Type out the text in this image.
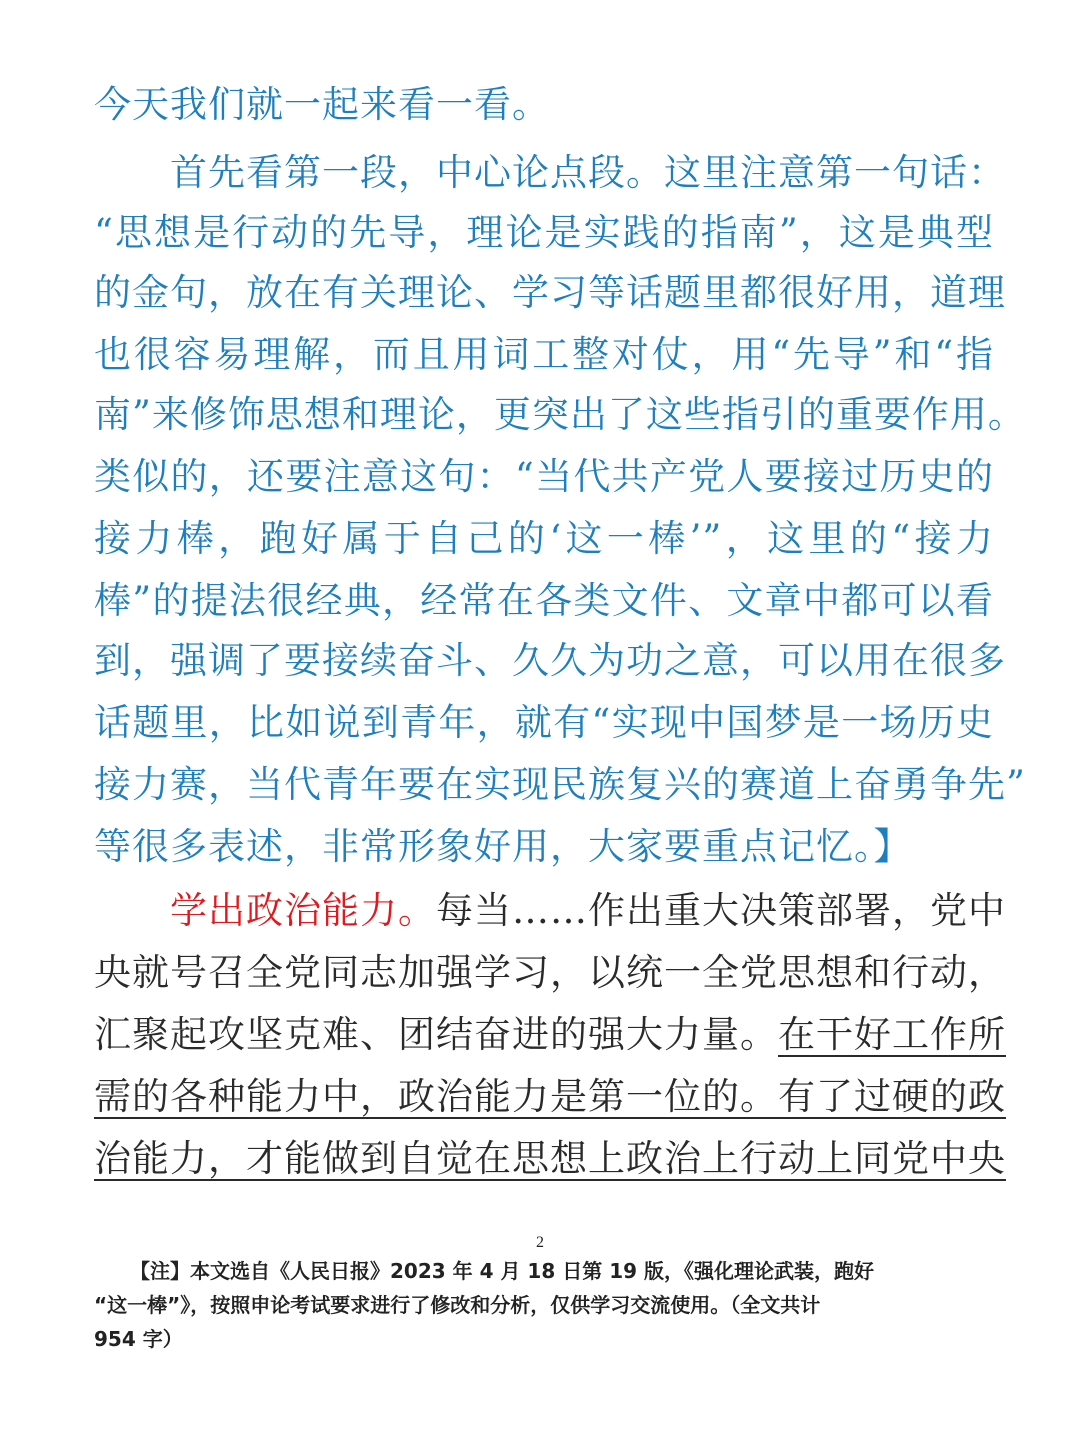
今天我们就一起来看一看。
首先看第一段，中心论点段。这里注意第一句话：
“思想是行动的先导，理论是实践的指南”，这是典型
的金句，放在有关理论、学习等话题里都很好用，道理
也很容易理解，而且用词工整对仗，用“先导”和“指
南”来修饰思想和理论，更突出了这些指引的重要作用。
类似的，还要注意这句：“当代共产党人要接过历史的
接力棒，跑好属于自己的‘这一棒’”，这里的“接力
棒”的提法很经典，经常在各类文件、文章中都可以看
到，强调了要接续奋斗、久久为功之意，可以用在很多
话题里，比如说到青年，就有“实现中国梦是一场历史
接力赛，当代青年要在实现民族复兴的赛道上奋勇争先”
等很多表述，非常形象好用，大家要重点记忆。】
学出政治能力。每当……作出重大决策部署，党中
央就号召全党同志加强学习，以统一全党思想和行动，
汇聚起攻坚克难、团结奋进的强大力量。在干好工作所
需的各种能力中，政治能力是第一位的。有了过硬的政
治能力，才能做到自觉在思想上政治上行动上同党中央
2
【注】本文选自《人民日报》2023 年 4 月 18 日第 19 版，《强化理论武装，跑好
“这一棒”》，按照申论考试要求进行了修改和分析，仅供学习交流使用。（全文共计
954 字）
